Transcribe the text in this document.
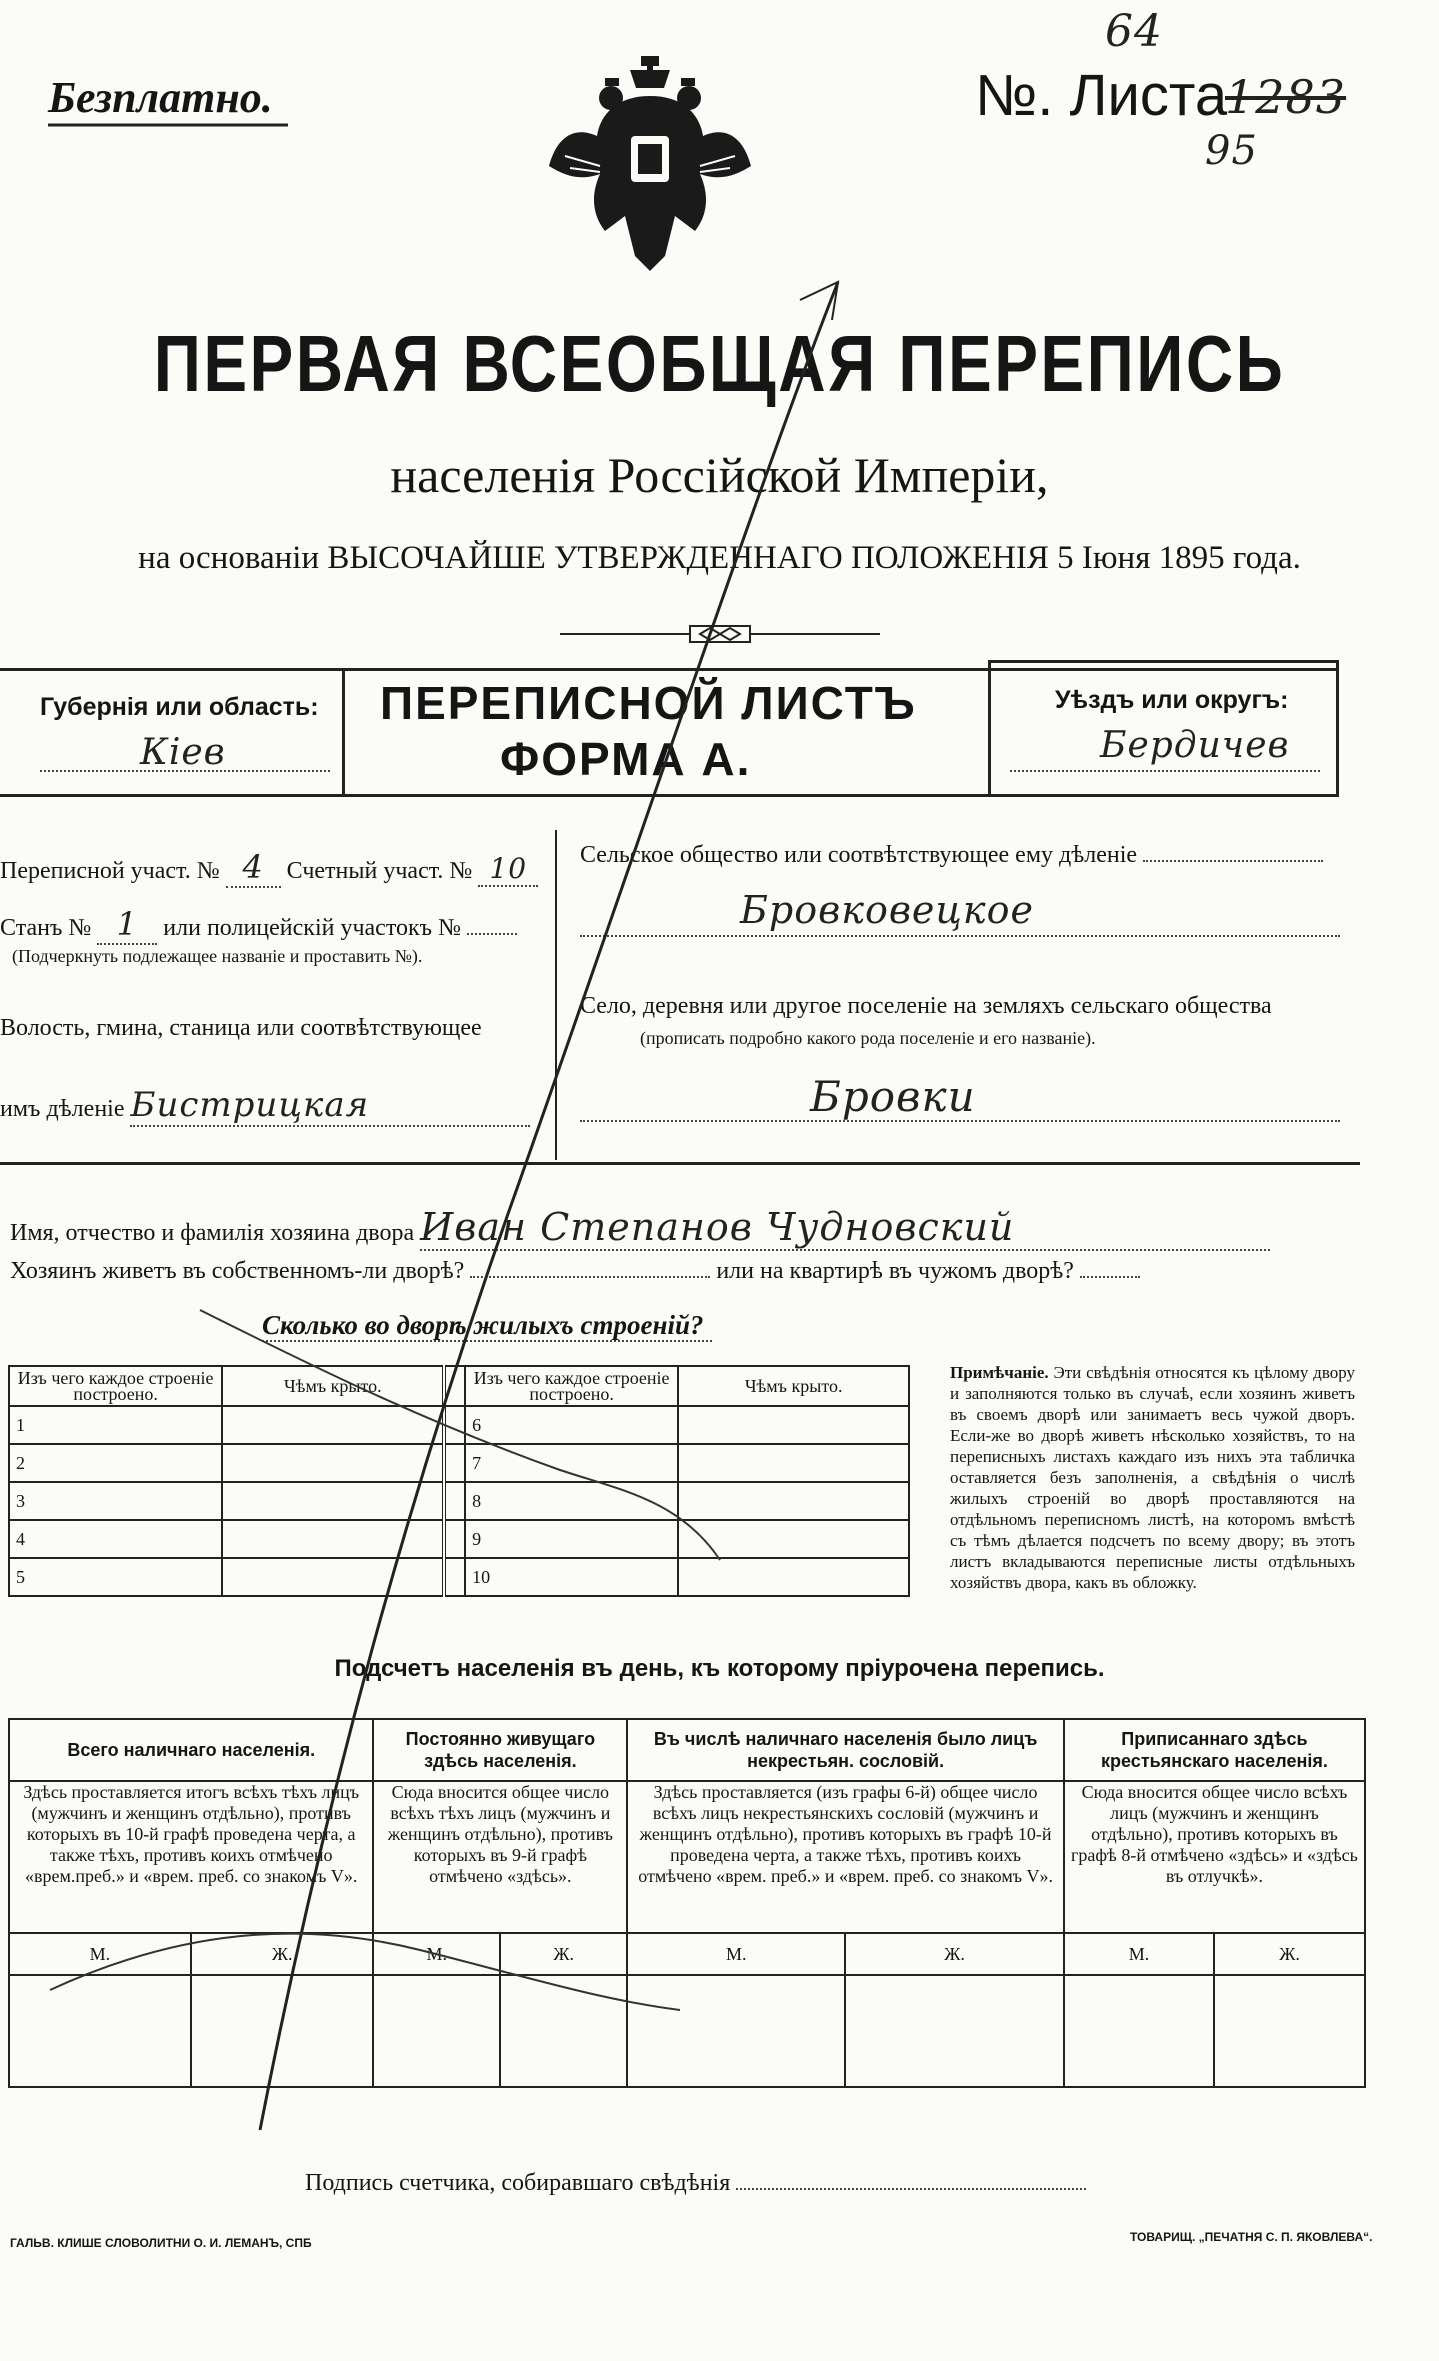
Безплатно.	№. Листа
64
1283
95
ПЕРВАЯ ВСЕОБЩАЯ ПЕРЕПИСЬ
населенія Россійской Имперіи,
на основаніи ВЫСОЧАЙШЕ УТВЕРЖДЕННАГО ПОЛОЖЕНІЯ 5 Іюня 1895 года.
Губернія или область:
Кіев
ПЕРЕПИСНОЙ ЛИСТЪ
ФОРМА А.
Уѣздъ или округъ:
Бердичев
Переписной участ. № 4 Счетный участ. № 10
Станъ № 1 или полицейскій участокъ №
(Подчеркнуть подлежащее названіе и проставить №).
Волость, гмина, станица или соотвѣтствующее
имъ дѣленіе Бистрицкая
Сельское общество или соотвѣтствующее ему дѣленіе
Бровковецкое
Село, деревня или другое поселеніе на земляхъ сельскаго общества
(прописать подробно какого рода поселеніе и его названіе).
Бровки
Имя, отчество и фамилія хозяина двора Иван Степанов Чудновский
Хозяинъ живетъ въ собственномъ-ли дворѣ?	или на квартирѣ въ чужомъ дворѣ?
Сколько во дворѣ жилыхъ строеній?
Изъ чего каждое строеніе построено.	Чѣмъ крыто.		Изъ чего каждое строеніе построено.	Чѣмъ крыто.
1			6	
2			7	
3			8	
4			9	
5			10	
Примѣчаніе. Эти свѣдѣнія относятся къ цѣлому двору и заполняются только въ случаѣ, если хозяинъ живетъ въ своемъ дворѣ или занимаетъ весь чужой дворъ. Если-же во дворѣ живетъ нѣсколько хозяйствъ, то на переписныхъ листахъ каждаго изъ нихъ эта табличка оставляется безъ заполненія, а свѣдѣнія о числѣ жилыхъ строеній во дворѣ проставляются на отдѣльномъ переписномъ листѣ, на которомъ вмѣстѣ съ тѣмъ дѣлается подсчетъ по всему двору; въ этотъ листъ вкладываются переписные листы отдѣльныхъ хозяйствъ двора, какъ въ обложку.
Подсчетъ населенія въ день, къ которому пріурочена перепись.
Всего наличнаго населенія.		Постоянно живущаго здѣсь населенія.		Въ числѣ наличнаго населенія было лицъ некрестьян. сословій.		Приписаннаго здѣсь крестьянскаго населенія.	
Здѣсь проставляется итогъ всѣхъ тѣхъ лицъ (мужчинъ и женщинъ отдѣльно), противъ которыхъ въ 10-й графѣ проведена черта, а также тѣхъ, противъ коихъ отмѣчено «врем.преб.» и «врем. преб. со знакомъ V».		Сюда вносится общее число всѣхъ тѣхъ лицъ (мужчинъ и женщинъ отдѣльно), противъ которыхъ въ 9-й графѣ отмѣчено «здѣсь».		Здѣсь проставляется (изъ графы 6-й) общее число всѣхъ лицъ некрестьянскихъ сословій (мужчинъ и женщинъ отдѣльно), противъ которыхъ въ графѣ 10-й проведена черта, а также тѣхъ, противъ коихъ отмѣчено «врем. преб.» и «врем. преб. со знакомъ V».		Сюда вносится общее число всѣхъ лицъ (мужчинъ и женщинъ отдѣльно), противъ которыхъ въ графѣ 8-й отмѣчено «здѣсь» и «здѣсь въ отлучкѣ».	
М.	Ж.	М.	Ж.	М.	Ж.	М.	Ж.

Подпись счетчика, собиравшаго свѣдѣнія
ГАЛЬВ. КЛИШЕ СЛОВОЛИТНИ О. И. ЛЕМАНЪ, СПБ	ТОВАРИЩ. „ПЕЧАТНЯ С. П. ЯКОВЛЕВА“.
